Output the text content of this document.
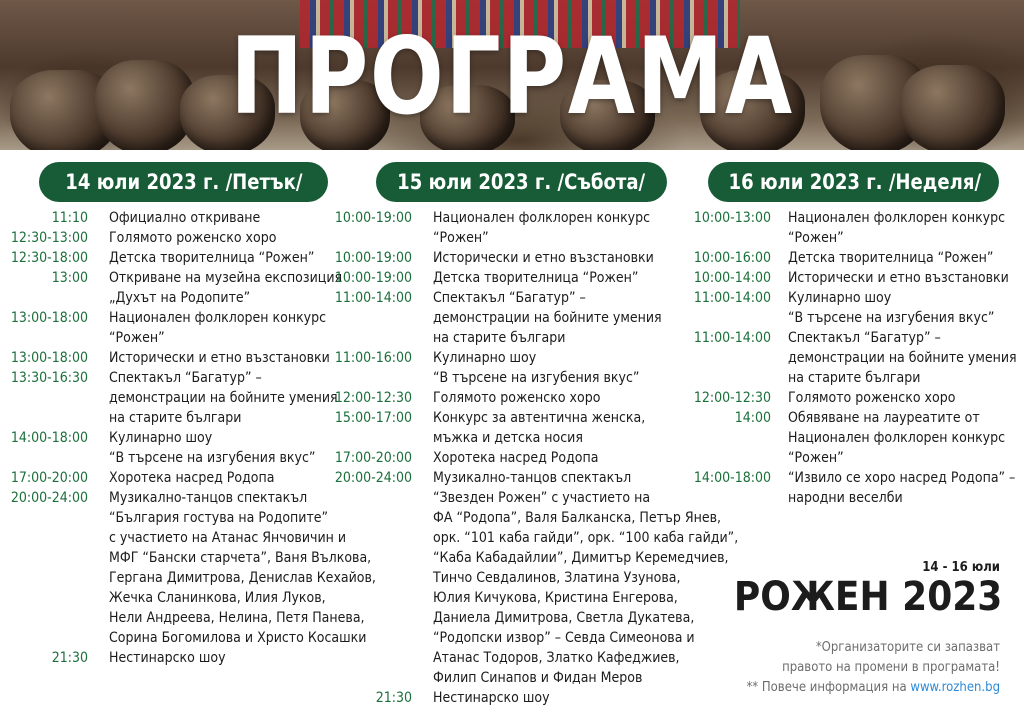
ПРОГРАМА
14 юли 2023 г. /Петък/	15 юли 2023 г. /Събота/	16 юли 2023 г. /Неделя/
11:10 Официално откриване
12:30-13:00 Голямото роженско хоро
12:30-18:00 Детска творителница “Рожен”
13:00 Откриване на музейна експозиция
„Духът на Родопите”
13:00-18:00 Национален фолклорен конкурс
“Рожен”
13:00-18:00 Исторически и етно възстановки
13:30-16:30 Спектакъл “Багатур” –
демонстрации на бойните умения
на старите българи
14:00-18:00 Кулинарно шоу
“В търсене на изгубения вкус”
17:00-20:00 Хоротека насред Родопа
20:00-24:00 Музикално-танцов спектакъл
“България гостува на Родопите”
с участието на Атанас Янчовичин и
МФГ “Бански старчета”, Ваня Вълкова,
Гергана Димитрова, Денислав Кехайов,
Жечка Сланинкова, Илия Луков,
Нели Андреева, Нелина, Петя Панева,
Сорина Богомилова и Христо Косашки
21:30 Нестинарско шоу
10:00-19:00 Национален фолклорен конкурс
“Рожен”
10:00-19:00 Исторически и етно възстановки
10:00-19:00 Детска творителница “Рожен”
11:00-14:00 Спектакъл “Багатур” –
демонстрации на бойните умения
на старите българи
11:00-16:00 Кулинарно шоу
“В търсене на изгубения вкус”
12:00-12:30 Голямото роженско хоро
15:00-17:00 Конкурс за автентична женска,
мъжка и детска носия
17:00-20:00 Хоротека насред Родопа
20:00-24:00 Музикално-танцов спектакъл
“Звезден Рожен” с участието на
ФА “Родопа”, Валя Балканска, Петър Янев,
орк. “101 каба гайди”, орк. “100 каба гайди”,
“Каба Кабадайлии”, Димитър Керемедчиев,
Тинчо Севдалинов, Златина Узунова,
Юлия Кичукова, Кристина Енгерова,
Даниела Димитрова, Светла Дукатева,
“Родопски извор” – Севда Симеонова и
Атанас Тодоров, Златко Кафеджиев,
Филип Синапов и Фидан Меров
21:30 Нестинарско шоу
10:00-13:00 Национален фолклорен конкурс
“Рожен”
10:00-16:00 Детска творителница “Рожен”
10:00-14:00 Исторически и етно възстановки
11:00-14:00 Кулинарно шоу
“В търсене на изгубения вкус”
11:00-14:00 Спектакъл “Багатур” –
демонстрации на бойните умения
на старите българи
12:00-12:30 Голямото роженско хоро
14:00 Обявяване на лауреатите от
Национален фолклорен конкурс
“Рожен”
14:00-18:00 “Извило се хоро насред Родопа” –
народни веселби
14 - 16 юли
РОЖЕН 2023
*Организаторите си запазват
правото на промени в програмата!
** Повече информация на www.rozhen.bg
